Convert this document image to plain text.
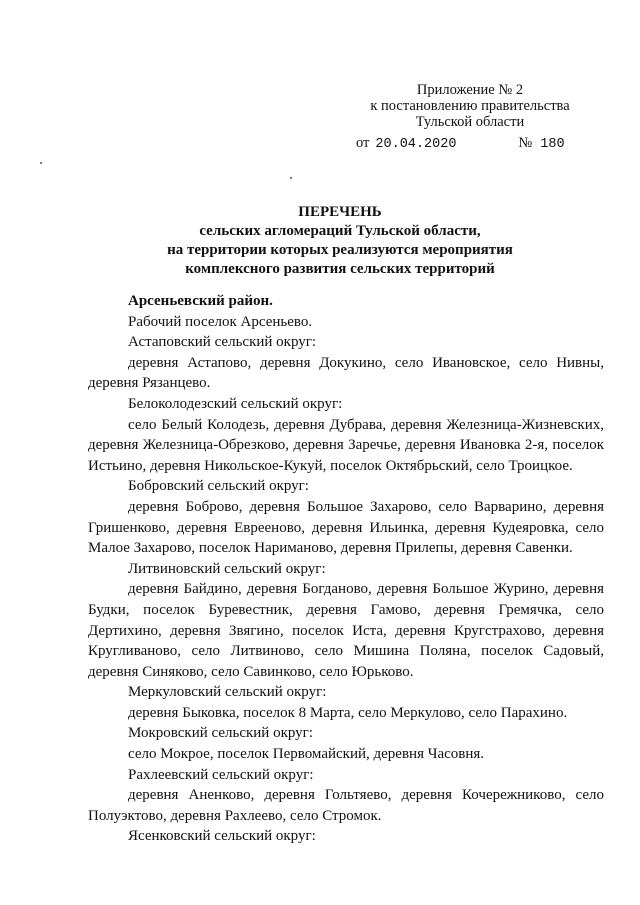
Приложение № 2
к постановлению правительства
Тульской области
от 20.04.2020	№ 180
ПЕРЕЧЕНЬ
сельских агломераций Тульской области,
на территории которых реализуются мероприятия
комплексного развития сельских территорий

Арсеньевский район.

Рабочий поселок Арсеньево.

Астаповский сельский округ:

деревня Астапово, деревня Докукино, село Ивановское, село Нивны, деревня Рязанцево.

Белоколодезский сельский округ:

село Белый Колодезь, деревня Дубрава, деревня Железница-Жизневских, деревня Железница-Обрезково, деревня Заречье, деревня Ивановка 2-я, поселок Истьино, деревня Никольское-Кукуй, поселок Октябрьский, село Троицкое.

Бобровский сельский округ:

деревня Боброво, деревня Большое Захарово, село Варварино, деревня Гришенково, деревня Еврееново, деревня Ильинка, деревня Кудеяровка, село Малое Захарово, поселок Нариманово, деревня Прилепы, деревня Савенки.

Литвиновский сельский округ:

деревня Байдино, деревня Богданово, деревня Большое Журино, деревня Будки, поселок Буревестник, деревня Гамово, деревня Гремячка, село Дертихино, деревня Звягино, поселок Иста, деревня Кругстрахово, деревня Кругливаново, село Литвиново, село Мишина Поляна, поселок Садовый, деревня Синяково, село Савинково, село Юрьково.

Меркуловский сельский округ:

деревня Быковка, поселок 8 Марта, село Меркулово, село Парахино.

Мокровский сельский округ:

село Мокрое, поселок Первомайский, деревня Часовня.

Рахлеевский сельский округ:

деревня Аненково, деревня Гольтяево, деревня Кочережниково, село Полуэктово, деревня Рахлеево, село Стромок.

Ясенковский сельский округ:
